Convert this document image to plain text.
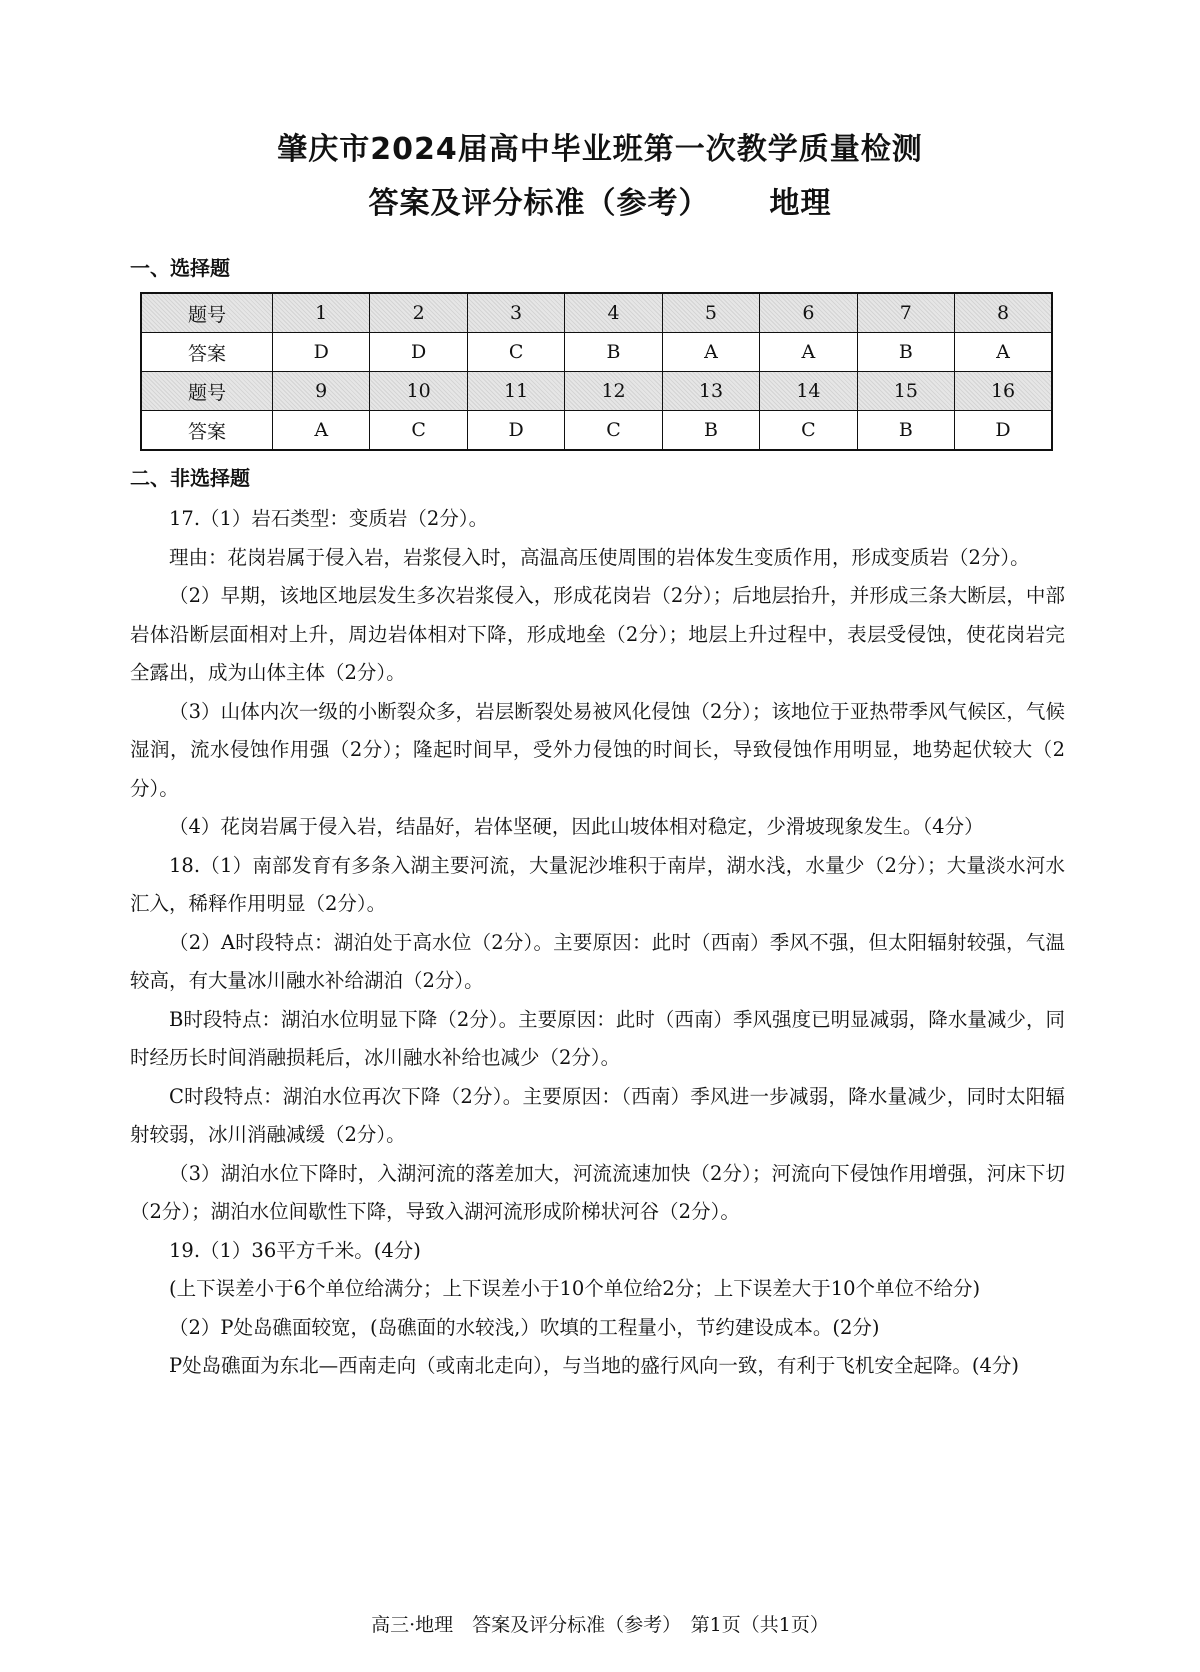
肇庆市2024届高中毕业班第一次教学质量检测
答案及评分标准（参考） 地理
一、选择题
题号	1	2	3	4	5	6	7	8
答案	D	D	C	B	A	A	B	A
题号	9	10	11	12	13	14	15	16
答案	A	C	D	C	B	C	B	D
二、非选择题

17.（1）岩石类型：变质岩（2分）。

理由：花岗岩属于侵入岩，岩浆侵入时，高温高压使周围的岩体发生变质作用，形成变质岩（2分）。

（2）早期，该地区地层发生多次岩浆侵入，形成花岗岩（2分）；后地层抬升，并形成三条大断层，中部岩体沿断层面相对上升，周边岩体相对下降，形成地垒（2分）；地层上升过程中，表层受侵蚀，使花岗岩完全露出，成为山体主体（2分）。

（3）山体内次一级的小断裂众多，岩层断裂处易被风化侵蚀（2分）；该地位于亚热带季风气候区，气候湿润，流水侵蚀作用强（2分）；隆起时间早，受外力侵蚀的时间长，导致侵蚀作用明显，地势起伏较大（2分）。

（4）花岗岩属于侵入岩，结晶好，岩体坚硬，因此山坡体相对稳定，少滑坡现象发生。（4分）

18.（1）南部发育有多条入湖主要河流，大量泥沙堆积于南岸，湖水浅，水量少（2分）；大量淡水河水汇入，稀释作用明显（2分）。

（2）A时段特点：湖泊处于高水位（2分）。主要原因：此时（西南）季风不强，但太阳辐射较强，气温较高，有大量冰川融水补给湖泊（2分）。

B时段特点：湖泊水位明显下降（2分）。主要原因：此时（西南）季风强度已明显减弱，降水量减少，同时经历长时间消融损耗后，冰川融水补给也减少（2分）。

C时段特点：湖泊水位再次下降（2分）。主要原因：（西南）季风进一步减弱，降水量减少，同时太阳辐射较弱，冰川消融减缓（2分）。

（3）湖泊水位下降时，入湖河流的落差加大，河流流速加快（2分）；河流向下侵蚀作用增强，河床下切（2分）；湖泊水位间歇性下降，导致入湖河流形成阶梯状河谷（2分）。

19.（1）36平方千米。(4分)

(上下误差小于6个单位给满分；上下误差小于10个单位给2分；上下误差大于10个单位不给分)

（2）P处岛礁面较宽，(岛礁面的水较浅,）吹填的工程量小，节约建设成本。(2分)

P处岛礁面为东北—西南走向（或南北走向），与当地的盛行风向一致，有利于飞机安全起降。(4分)

高三·地理　答案及评分标准（参考）　第1页（共1页）
